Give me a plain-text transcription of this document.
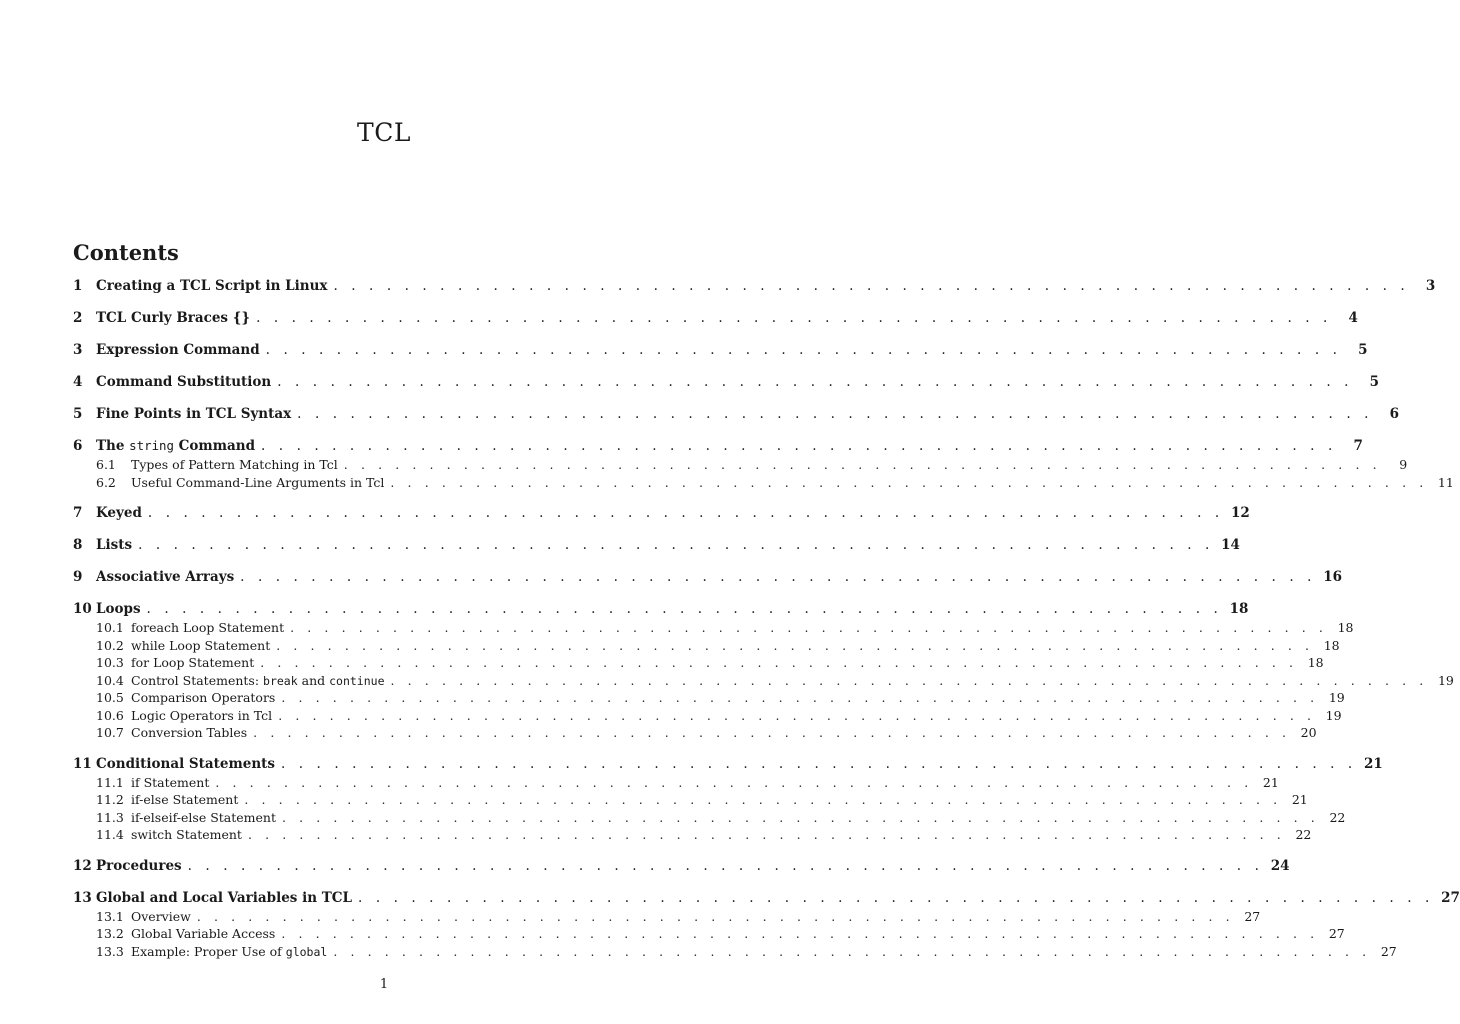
TCL
Contents
1	Creating a TCL Script in Linux . . . . . . . . . . . . . . . . . . . . . . . . . . . . . . . . . . . . . . . . . . . . . . . . . . . . . . . . . . . . .	3
2	TCL Curly Braces {} . . . . . . . . . . . . . . . . . . . . . . . . . . . . . . . . . . . . . . . . . . . . . . . . . . . . . . . . . . . . .	4
3	Expression Command . . . . . . . . . . . . . . . . . . . . . . . . . . . . . . . . . . . . . . . . . . . . . . . . . . . . . . . . . . . . .	5
4	Command Substitution . . . . . . . . . . . . . . . . . . . . . . . . . . . . . . . . . . . . . . . . . . . . . . . . . . . . . . . . . . . . .	5
5	Fine Points in TCL Syntax . . . . . . . . . . . . . . . . . . . . . . . . . . . . . . . . . . . . . . . . . . . . . . . . . . . . . . . . . . . . .	6
6	The string Command . . . . . . . . . . . . . . . . . . . . . . . . . . . . . . . . . . . . . . . . . . . . . . . . . . . . . . . . . . . . .	7
6.1	Types of Pattern Matching in Tcl . . . . . . . . . . . . . . . . . . . . . . . . . . . . . . . . . . . . . . . . . . . . . . . . . . . . . . . . . . . . .	9
6.2	Useful Command-Line Arguments in Tcl . . . . . . . . . . . . . . . . . . . . . . . . . . . . . . . . . . . . . . . . . . . . . . . . . . . . . . . . . . . . . 11
7	Keyed . . . . . . . . . . . . . . . . . . . . . . . . . . . . . . . . . . . . . . . . . . . . . . . . . . . . . . . . . . . . . 12
8	Lists . . . . . . . . . . . . . . . . . . . . . . . . . . . . . . . . . . . . . . . . . . . . . . . . . . . . . . . . . . . . . 14
9	Associative Arrays . . . . . . . . . . . . . . . . . . . . . . . . . . . . . . . . . . . . . . . . . . . . . . . . . . . . . . . . . . . . . 16
10 Loops . . . . . . . . . . . . . . . . . . . . . . . . . . . . . . . . . . . . . . . . . . . . . . . . . . . . . . . . . . . . . 18
10.1 foreach Loop Statement . . . . . . . . . . . . . . . . . . . . . . . . . . . . . . . . . . . . . . . . . . . . . . . . . . . . . . . . . . . . . 18
10.2 while Loop Statement . . . . . . . . . . . . . . . . . . . . . . . . . . . . . . . . . . . . . . . . . . . . . . . . . . . . . . . . . . . . . 18
10.3 for Loop Statement . . . . . . . . . . . . . . . . . . . . . . . . . . . . . . . . . . . . . . . . . . . . . . . . . . . . . . . . . . . . . 18
10.4 Control Statements: break and continue . . . . . . . . . . . . . . . . . . . . . . . . . . . . . . . . . . . . . . . . . . . . . . . . . . . . . . . . . . . . . 19
10.5 Comparison Operators . . . . . . . . . . . . . . . . . . . . . . . . . . . . . . . . . . . . . . . . . . . . . . . . . . . . . . . . . . . . . 19
10.6 Logic Operators in Tcl . . . . . . . . . . . . . . . . . . . . . . . . . . . . . . . . . . . . . . . . . . . . . . . . . . . . . . . . . . . . . 19
10.7 Conversion Tables . . . . . . . . . . . . . . . . . . . . . . . . . . . . . . . . . . . . . . . . . . . . . . . . . . . . . . . . . . . . . 20
11 Conditional Statements . . . . . . . . . . . . . . . . . . . . . . . . . . . . . . . . . . . . . . . . . . . . . . . . . . . . . . . . . . . . . 21
11.1 if Statement . . . . . . . . . . . . . . . . . . . . . . . . . . . . . . . . . . . . . . . . . . . . . . . . . . . . . . . . . . . . . 21
11.2 if-else Statement . . . . . . . . . . . . . . . . . . . . . . . . . . . . . . . . . . . . . . . . . . . . . . . . . . . . . . . . . . . . . 21
11.3 if-elseif-else Statement . . . . . . . . . . . . . . . . . . . . . . . . . . . . . . . . . . . . . . . . . . . . . . . . . . . . . . . . . . . . . 22
11.4 switch Statement . . . . . . . . . . . . . . . . . . . . . . . . . . . . . . . . . . . . . . . . . . . . . . . . . . . . . . . . . . . . . 22
12 Procedures . . . . . . . . . . . . . . . . . . . . . . . . . . . . . . . . . . . . . . . . . . . . . . . . . . . . . . . . . . . . . 24
13 Global and Local Variables in TCL . . . . . . . . . . . . . . . . . . . . . . . . . . . . . . . . . . . . . . . . . . . . . . . . . . . . . . . . . . . . . 27
13.1 Overview . . . . . . . . . . . . . . . . . . . . . . . . . . . . . . . . . . . . . . . . . . . . . . . . . . . . . . . . . . . . . 27
13.2 Global Variable Access . . . . . . . . . . . . . . . . . . . . . . . . . . . . . . . . . . . . . . . . . . . . . . . . . . . . . . . . . . . . . 27
13.3 Example: Proper Use of global . . . . . . . . . . . . . . . . . . . . . . . . . . . . . . . . . . . . . . . . . . . . . . . . . . . . . . . . . . . . . 27
1
